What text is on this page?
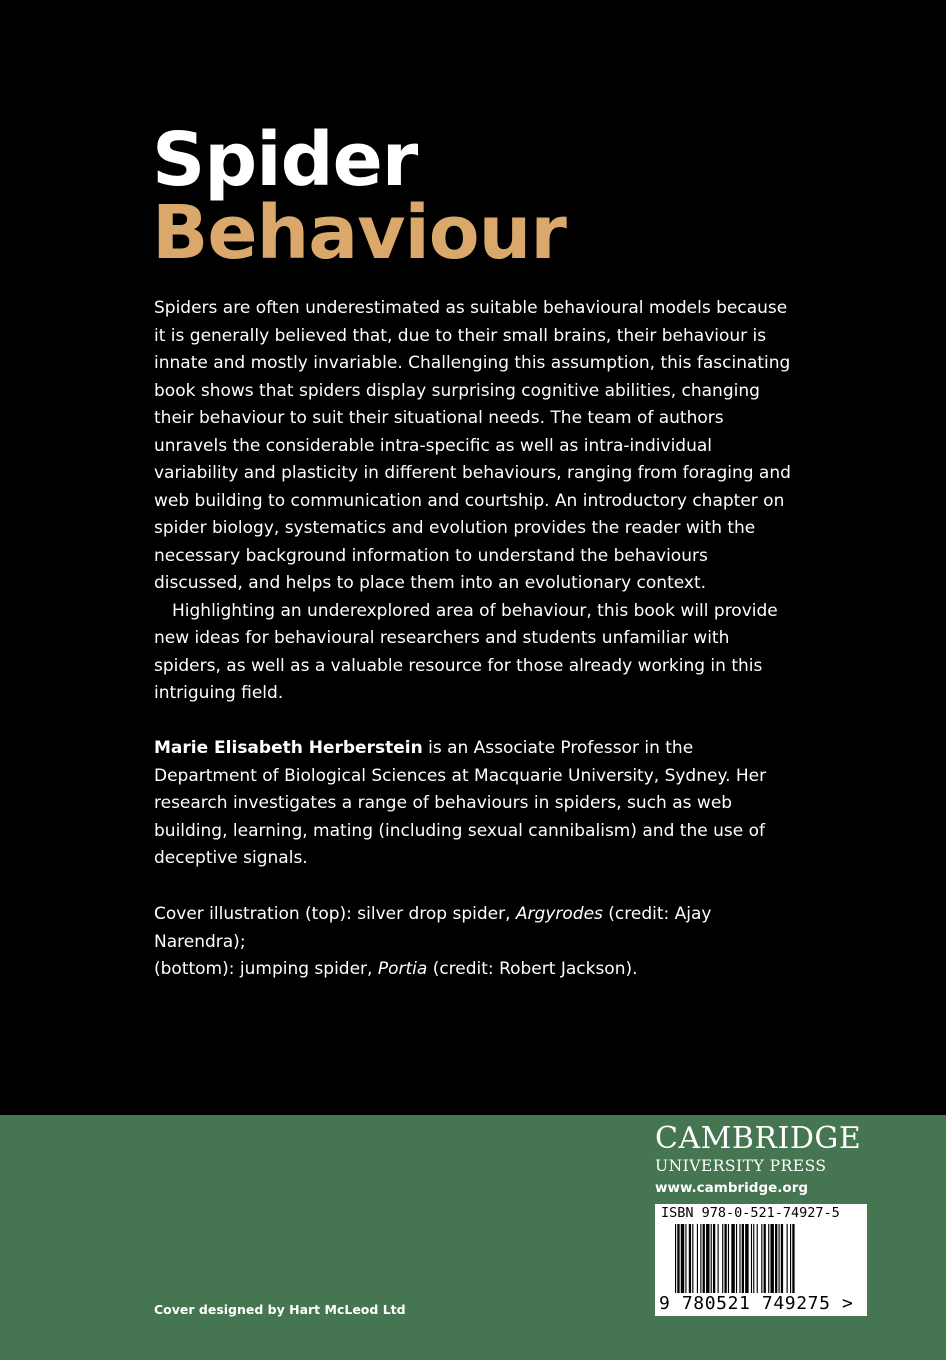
Spider
Behaviour

Spiders are often underestimated as suitable behavioural models because it is generally believed that, due to their small brains, their behaviour is innate and mostly invariable. Challenging this assumption, this fascinating book shows that spiders display surprising cognitive abilities, changing their behaviour to suit their situational needs. The team of authors unravels the considerable intra-specific as well as intra-individual variability and plasticity in different behaviours, ranging from foraging and web building to communication and courtship. An introductory chapter on spider biology, systematics and evolution provides the reader with the necessary background information to understand the behaviours discussed, and helps to place them into an evolutionary context.

Highlighting an underexplored area of behaviour, this book will provide new ideas for behavioural researchers and students unfamiliar with spiders, as well as a valuable resource for those already working in this intriguing field.

Marie Elisabeth Herberstein is an Associate Professor in the Department of Biological Sciences at Macquarie University, Sydney. Her research investigates a range of behaviours in spiders, such as web building, learning, mating (including sexual cannibalism) and the use of deceptive signals.

Cover illustration (top): silver drop spider, Argyrodes (credit: Ajay Narendra);

(bottom): jumping spider, Portia (credit: Robert Jackson).

Cover designed by Hart McLeod Ltd
CAMBRIDGE
UNIVERSITY PRESS
www.cambridge.org
ISBN 978-0-521-74927-5
9 780521 749275 >
